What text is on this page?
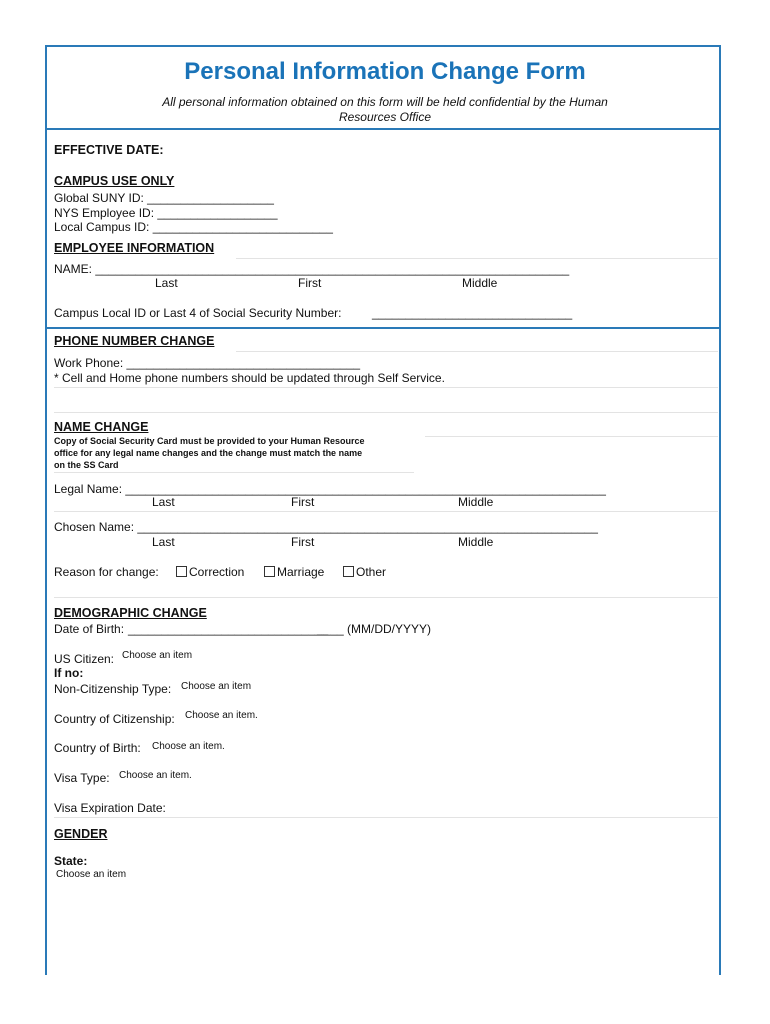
Personal Information Change Form
All personal information obtained on this form will be held confidential by the Human
Resources Office
EFFECTIVE DATE:
CAMPUS USE ONLY
Global SUNY ID: ___________________
NYS Employee ID: __________________
Local Campus ID: ___________________________
EMPLOYEE INFORMATION
NAME: _______________________________________________________________________
Last	First	Middle
Campus Local ID or Last 4 of Social Security Number:	______________________________
PHONE NUMBER CHANGE
Work Phone: ___________________________________
* Cell and Home phone numbers should be updated through Self Service.
NAME CHANGE
Copy of Social Security Card must be provided to your Human Resource
office for any legal name changes and the change must match the name
on the SS Card
Legal Name: ________________________________________________________________________
Last	First	Middle
Chosen Name: _____________________________________________________________________
Last	First	Middle
Reason for change:	Correction	Marriage	Other
DEMOGRAPHIC CHANGE
Date of Birth: ______________________________
____ (MM/DD/YYYY)
US Citizen: Choose an item
If no:
Non-Citizenship Type: Choose an item
Country of Citizenship: Choose an item.
Country of Birth: Choose an item.
Visa Type: Choose an item.
Visa Expiration Date:
GENDER
State:
Choose an item
